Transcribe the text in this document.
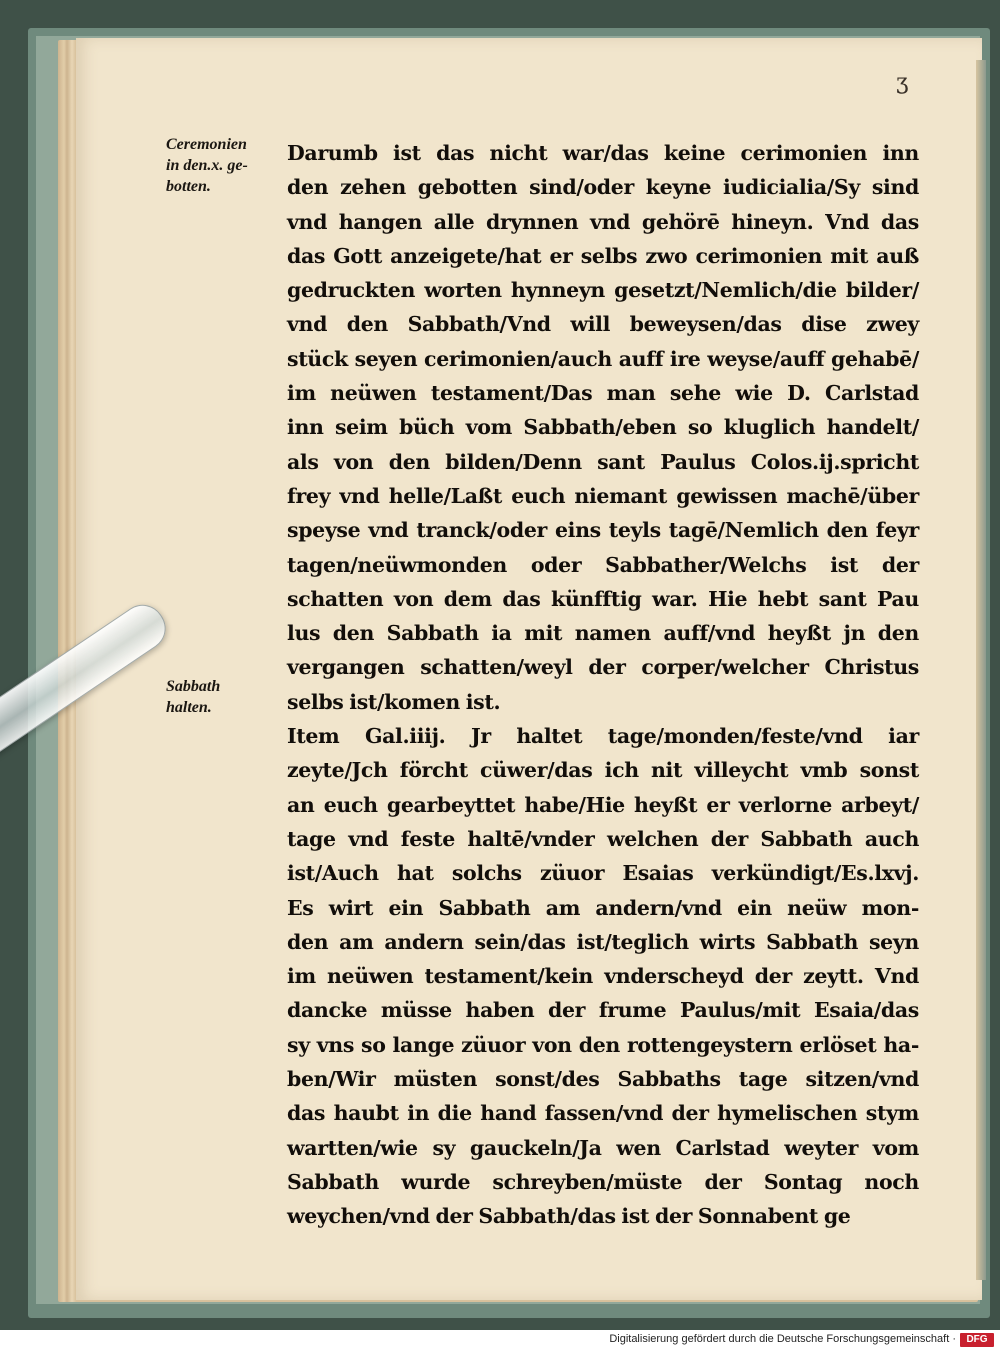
ʒ
Ceremonien
in den.x. ge-
botten.
Sabbath
halten.
Darumb ist das nicht war/das keine cerimonien inn
den zehen gebotten sind/oder keyne iudicialia/Sy sind
vnd hangen alle drynnen vnd gehörē hineyn. Vnd das
das Gott anzeigete/hat er selbs zwo cerimonien mit auß
gedruckten worten hynneyn gesetzt/Nemlich/die bilder/
vnd den Sabbath/Vnd will beweysen/das dise zwey
stück seyen cerimonien/auch auff ire weyse/auff gehabē/
im neüwen testament/Das man sehe wie D. Carlstad
inn seim büch vom Sabbath/eben so kluglich handelt/
als von den bilden/Denn sant Paulus Colos.ij.spricht
frey vnd helle/Laßt euch niemant gewissen machē/über
speyse vnd tranck/oder eins teyls tagē/Nemlich den feyr
tagen/neüwmonden oder Sabbather/Welchs ist der
schatten von dem das künfftig war. Hie hebt sant Pau
lus den Sabbath ia mit namen auff/vnd heyßt jn den
vergangen schatten/weyl der corper/welcher Christus
selbs ist/komen ist.
Item Gal.iiij. Jr haltet tage/monden/feste/vnd iar
zeyte/Jch förcht cüwer/das ich nit villeycht vmb sonst
an euch gearbeyttet habe/Hie heyßt er verlorne arbeyt/
tage vnd feste haltē/vnder welchen der Sabbath auch
ist/Auch hat solchs züuor Esaias verkündigt/Es.lxvj.
Es wirt ein Sabbath am andern/vnd ein neüw mon-
den am andern sein/das ist/teglich wirts Sabbath seyn
im neüwen testament/kein vnderscheyd der zeytt. Vnd
dancke müsse haben der frume Paulus/mit Esaia/das
sy vns so lange züuor von den rottengeystern erlöset ha-
ben/Wir müsten sonst/des Sabbaths tage sitzen/vnd
das haubt in die hand fassen/vnd der hymelischen stym
wartten/wie sy gauckeln/Ja wen Carlstad weyter vom
Sabbath wurde schreyben/müste der Sontag noch
weychen/vnd der Sabbath/das ist der Sonnabent ge
Digitalisierung gefördert durch die Deutsche Forschungsgemeinschaft ·	DFG
